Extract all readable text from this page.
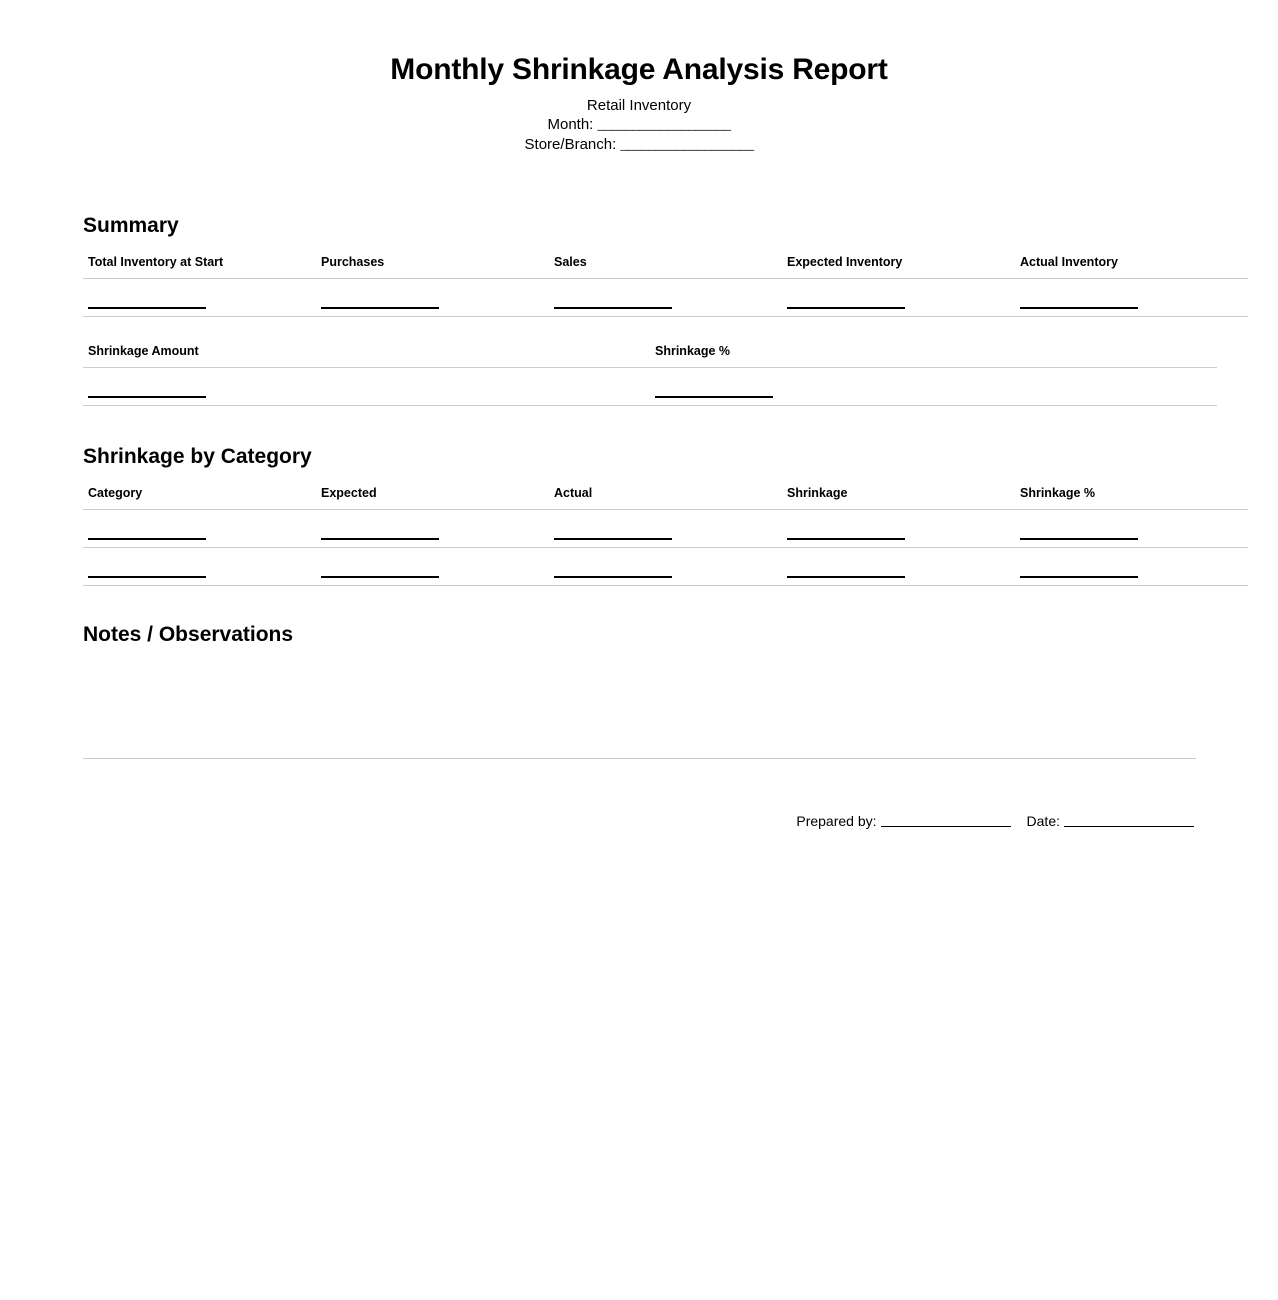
Monthly Shrinkage Analysis Report
Retail Inventory
Month: ___________________
Store/Branch: ___________________
Summary
Total Inventory at Start	Purchases	Sales	Expected Inventory	Actual Inventory

Shrinkage Amount	Shrinkage %

Shrinkage by Category
Category	Expected	Actual	Shrinkage	Shrinkage %

Notes / Observations
Prepared by:	Date:
